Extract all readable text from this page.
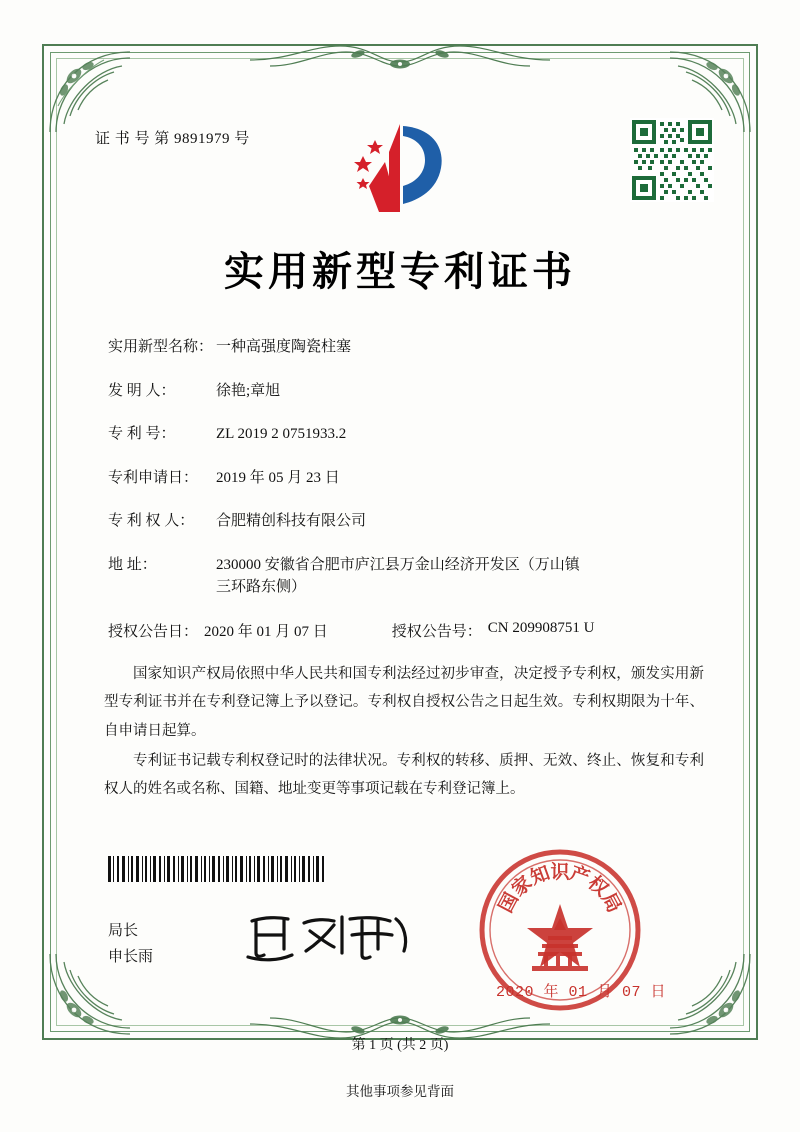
证 书 号 第 9891979 号
实用新型专利证书
实用新型名称： 一种高强度陶瓷柱塞
发 明 人：	徐艳;章旭
专 利 号：	ZL 2019 2 0751933.2
专利申请日：	2019 年 05 月 23 日
专 利 权 人：	合肥精创科技有限公司
地 址：	230000 安徽省合肥市庐江县万金山经济开发区（万山镇
三环路东侧）
授权公告日： 2020 年 01 月 07 日	授权公告号： CN 209908751 U

国家知识产权局依照中华人民共和国专利法经过初步审查，决定授予专利权，颁发实用新型专利证书并在专利登记簿上予以登记。专利权自授权公告之日起生效。专利权期限为十年、自申请日起算。

专利证书记载专利权登记时的法律状况。专利权的转移、质押、无效、终止、恢复和专利权人的姓名或名称、国籍、地址变更等事项记载在专利登记簿上。

局长
申长雨
国
家
知
识
产
权
局
2020 年 01 月 07 日
第 1 页 (共 2 页)
其他事项参见背面
